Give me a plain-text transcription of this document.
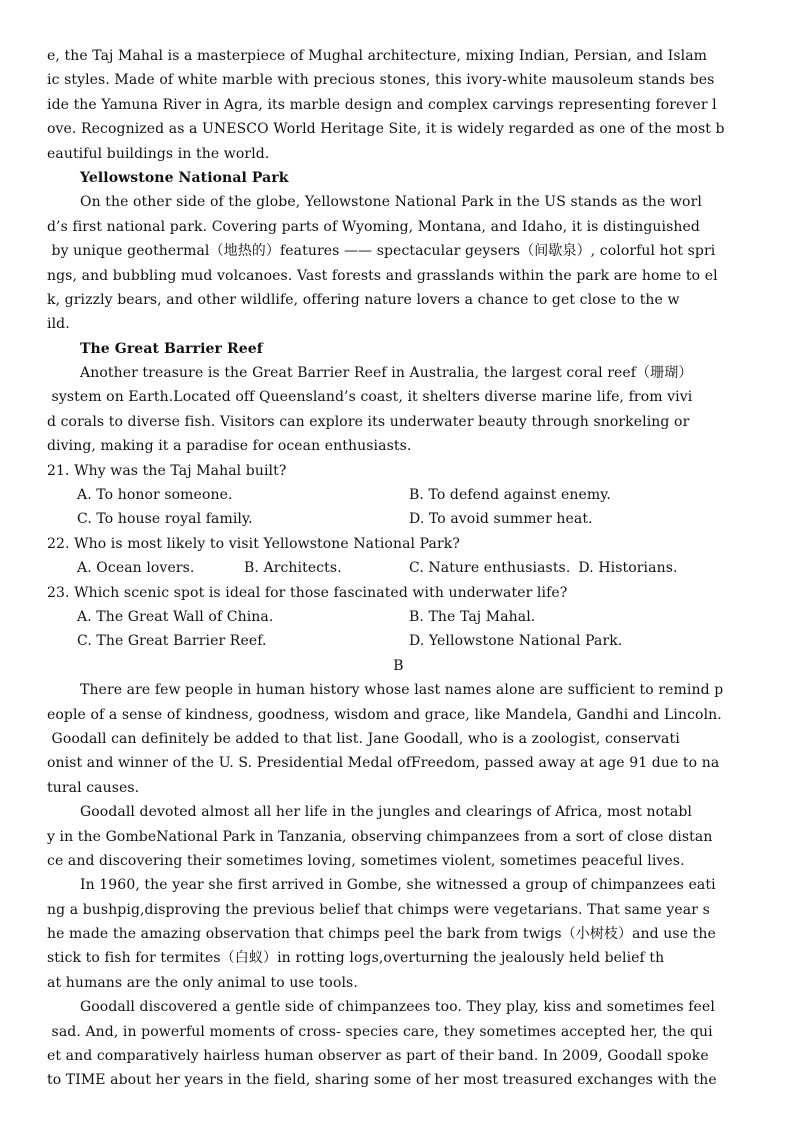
e, the Taj Mahal is a masterpiece of Mughal architecture, mixing Indian, Persian, and Islam

ic styles. Made of white marble with precious stones, this ivory-white mausoleum stands bes

ide the Yamuna River in Agra, its marble design and complex carvings representing forever l

ove. Recognized as a UNESCO World Heritage Site, it is widely regarded as one of the most b

eautiful buildings in the world.

Yellowstone National Park

On the other side of the globe, Yellowstone National Park in the US stands as the worl

d’s first national park. Covering parts of Wyoming, Montana, and Idaho, it is distinguished

by unique geothermal（地热的）features —— spectacular geysers（间歇泉）, colorful hot spri

ngs, and bubbling mud volcanoes. Vast forests and grasslands within the park are home to el

k, grizzly bears, and other wildlife, offering nature lovers a chance to get close to the w

ild.

The Great Barrier Reef

Another treasure is the Great Barrier Reef in Australia, the largest coral reef（珊瑚）

system on Earth.Located off Queensland’s coast, it shelters diverse marine life, from vivi

d corals to diverse fish. Visitors can explore its underwater beauty through snorkeling or

diving, making it a paradise for ocean enthusiasts.

21. Why was the Taj Mahal built?

A. To honor someone.	B. To defend against enemy.
C. To house royal family.	D. To avoid summer heat.

22. Who is most likely to visit Yellowstone National Park?

A. Ocean lovers.	B. Architects.	C. Nature enthusiasts. D. Historians.

23. Which scenic spot is ideal for those fascinated with underwater life?

A. The Great Wall of China.	B. The Taj Mahal.
C. The Great Barrier Reef.	D. Yellowstone National Park.

B

There are few people in human history whose last names alone are sufficient to remind p

eople of a sense of kindness, goodness, wisdom and grace, like Mandela, Gandhi and Lincoln.

Goodall can definitely be added to that list. Jane Goodall, who is a zoologist, conservati

onist and winner of the U. S. Presidential Medal ofFreedom, passed away at age 91 due to na

tural causes.

Goodall devoted almost all her life in the jungles and clearings of Africa, most notabl

y in the GombeNational Park in Tanzania, observing chimpanzees from a sort of close distan

ce and discovering their sometimes loving, sometimes violent, sometimes peaceful lives.

In 1960, the year she first arrived in Gombe, she witnessed a group of chimpanzees eati

ng a bushpig,disproving the previous belief that chimps were vegetarians. That same year s

he made the amazing observation that chimps peel the bark from twigs（小树枝）and use the

stick to fish for termites（白蚁）in rotting logs,overturning the jealously held belief th

at humans are the only animal to use tools.

Goodall discovered a gentle side of chimpanzees too. They play, kiss and sometimes feel

sad. And, in powerful moments of cross- species care, they sometimes accepted her, the qui

et and comparatively hairless human observer as part of their band. In 2009, Goodall spoke

to TIME about her years in the field, sharing some of her most treasured exchanges with the
